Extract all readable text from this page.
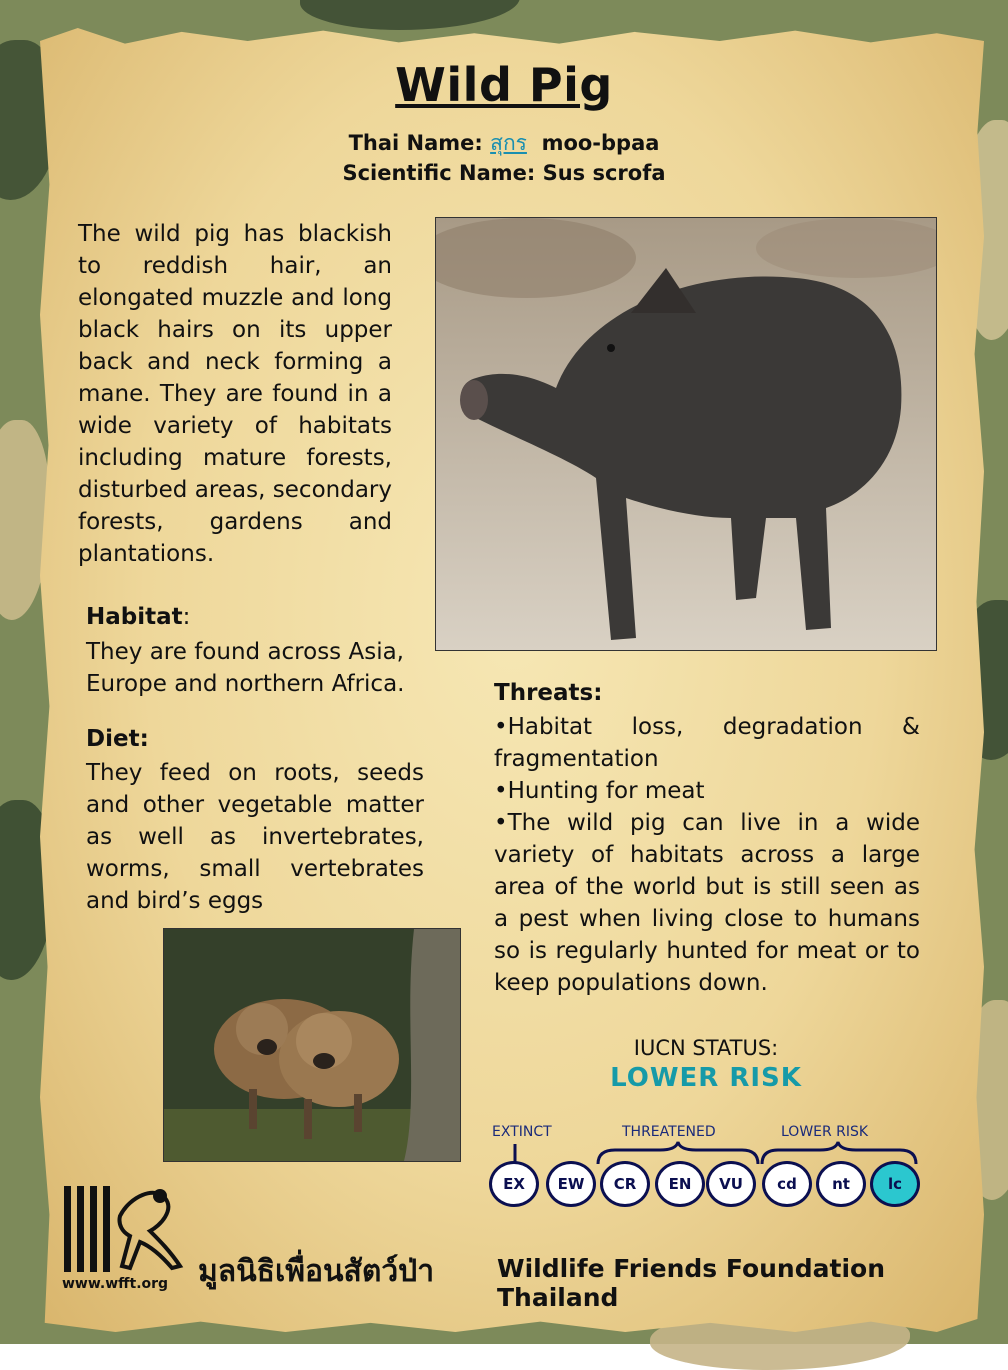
Wild Pig
Thai Name: สุกร moo-bpaa
Scientific Name: Sus scrofa
The wild pig has blackish to reddish hair, an elongated muzzle and long black hairs on its upper back and neck forming a mane. They are found in a wide variety of habitats including mature forests, disturbed areas, secondary forests, gardens and plantations.
Habitat:
They are found across Asia, Europe and northern Africa.
Diet:
They feed on roots, seeds and other vegetable matter as well as invertebrates, worms, small vertebrates and bird’s eggs
Threats:
•Habitat loss, degradation & fragmentation
•Hunting for meat
•The wild pig can live in a wide variety of habitats across a large area of the world but is still seen as a pest when living close to humans so is regularly hunted for meat or to keep populations down.
IUCN STATUS:
LOWER RISK
EXTINCT	THREATENED	LOWER RISK
EX	EW	CR	EN	VU	cd	nt	lc
www.wfft.org มูลนิธิเพื่อนสัตว์ป่า	Wildlife Friends Foundation Thailand
